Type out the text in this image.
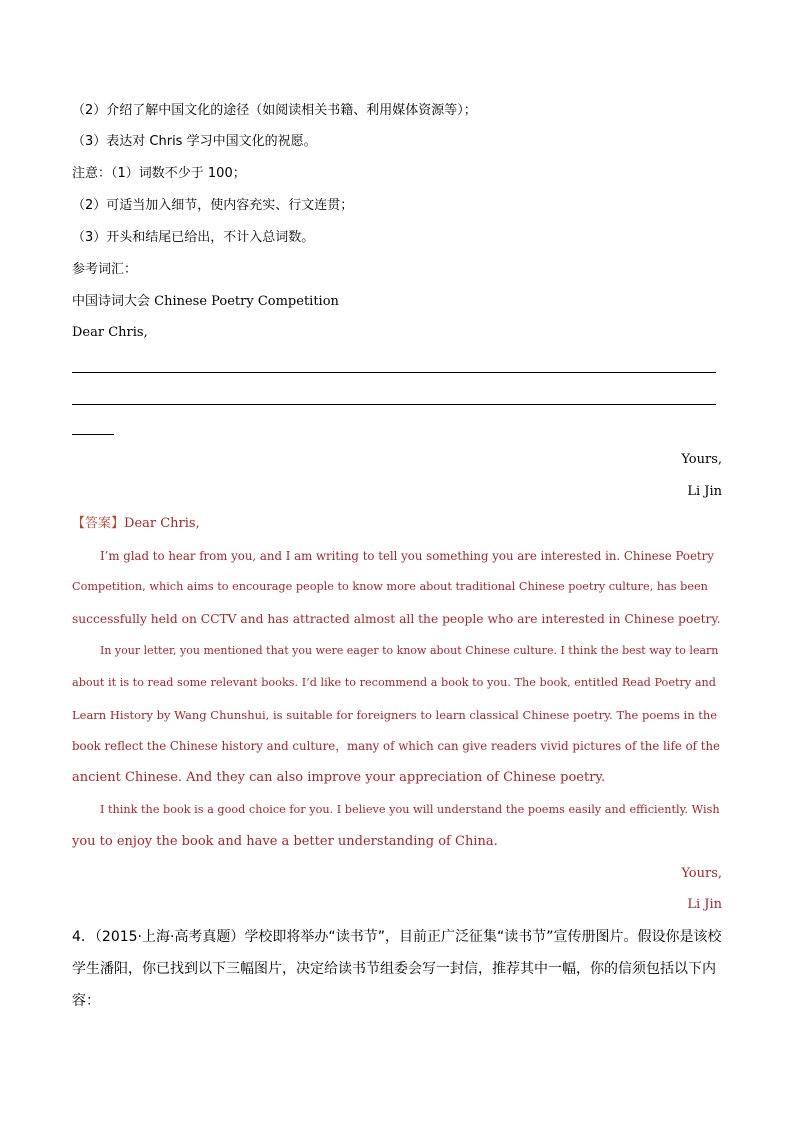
（2）介绍了解中国文化的途径（如阅读相关书籍、利用媒体资源等）；
（3）表达对 Chris 学习中国文化的祝愿。
注意：（1）词数不少于 100；
（2）可适当加入细节，使内容充实、行文连贯；
（3）开头和结尾已给出，不计入总词数。
参考词汇：
中国诗词大会 Chinese Poetry Competition
Dear Chris,
Yours,
Li Jin
【答案】Dear Chris,
I’m glad to hear from you, and I am writing to tell you something you are interested in. Chinese Poetry
Competition, which aims to encourage people to know more about traditional Chinese poetry culture, has been
successfully held on CCTV and has attracted almost all the people who are interested in Chinese poetry.
In your letter, you mentioned that you were eager to know about Chinese culture. I think the best way to learn
about it is to read some relevant books. I’d like to recommend a book to you. The book, entitled Read Poetry and
Learn History by Wang Chunshui, is suitable for foreigners to learn classical Chinese poetry. The poems in the
book reflect the Chinese history and culture，many of which can give readers vivid pictures of the life of the
ancient Chinese. And they can also improve your appreciation of Chinese poetry.
I think the book is a good choice for you. I believe you will understand the poems easily and efficiently. Wish
you to enjoy the book and have a better understanding of China.
Yours,
Li Jin
4．（2015·上海·高考真题）学校即将举办“读书节”，目前正广泛征集“读书节”宣传册图片。假设你是该校
学生潘阳，你已找到以下三幅图片，决定给读书节组委会写一封信，推荐其中一幅，你的信须包括以下内
容：
